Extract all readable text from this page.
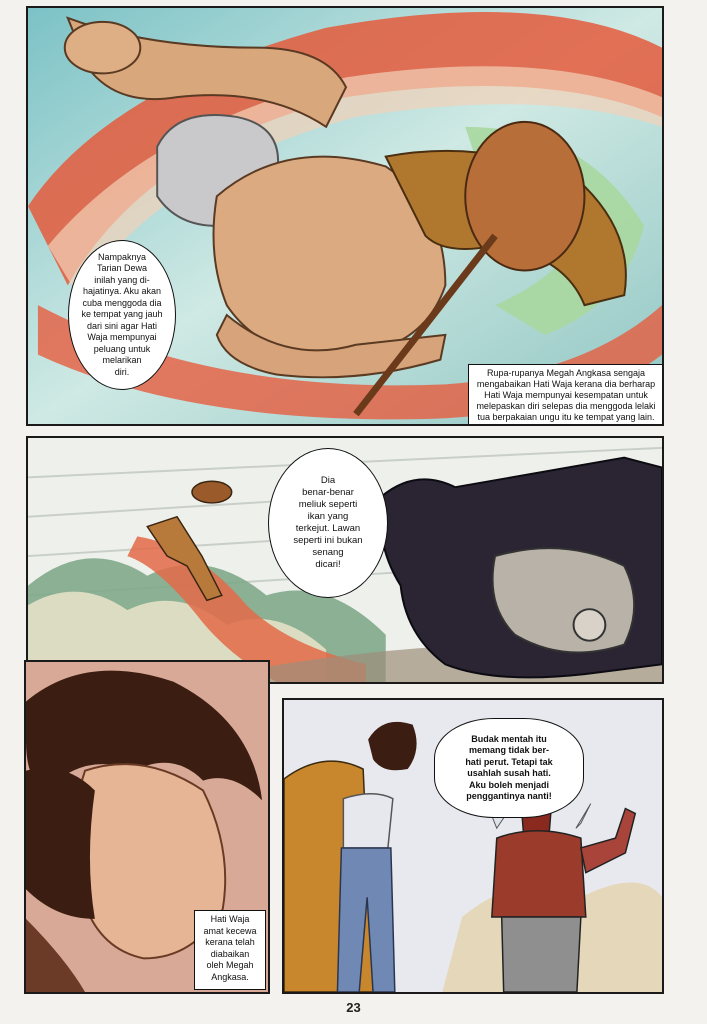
Nampaknya
Tarian Dewa
inilah yang di-
hajatinya. Aku akan
cuba menggoda dia
ke tempat yang jauh
dari sini agar Hati
Waja mempunyai
peluang untuk
melarikan
diri.	Rupa-rupanya Megah Angkasa sengaja
mengabaikan Hati Waja kerana dia berharap
Hati Waja mempunyai kesempatan untuk
melepaskan diri selepas dia menggoda lelaki
tua berpakaian ungu itu ke tempat yang lain.
Dia
benar-benar
meliuk seperti
ikan yang
terkejut. Lawan
seperti ini bukan
senang
dicari!
Hati Waja
amat kecewa
kerana telah
diabaikan
oleh Megah
Angkasa.
Budak mentah itu
memang tidak ber-
hati perut. Tetapi tak
usahlah susah hati.
Aku boleh menjadi
penggantinya nanti!
23
